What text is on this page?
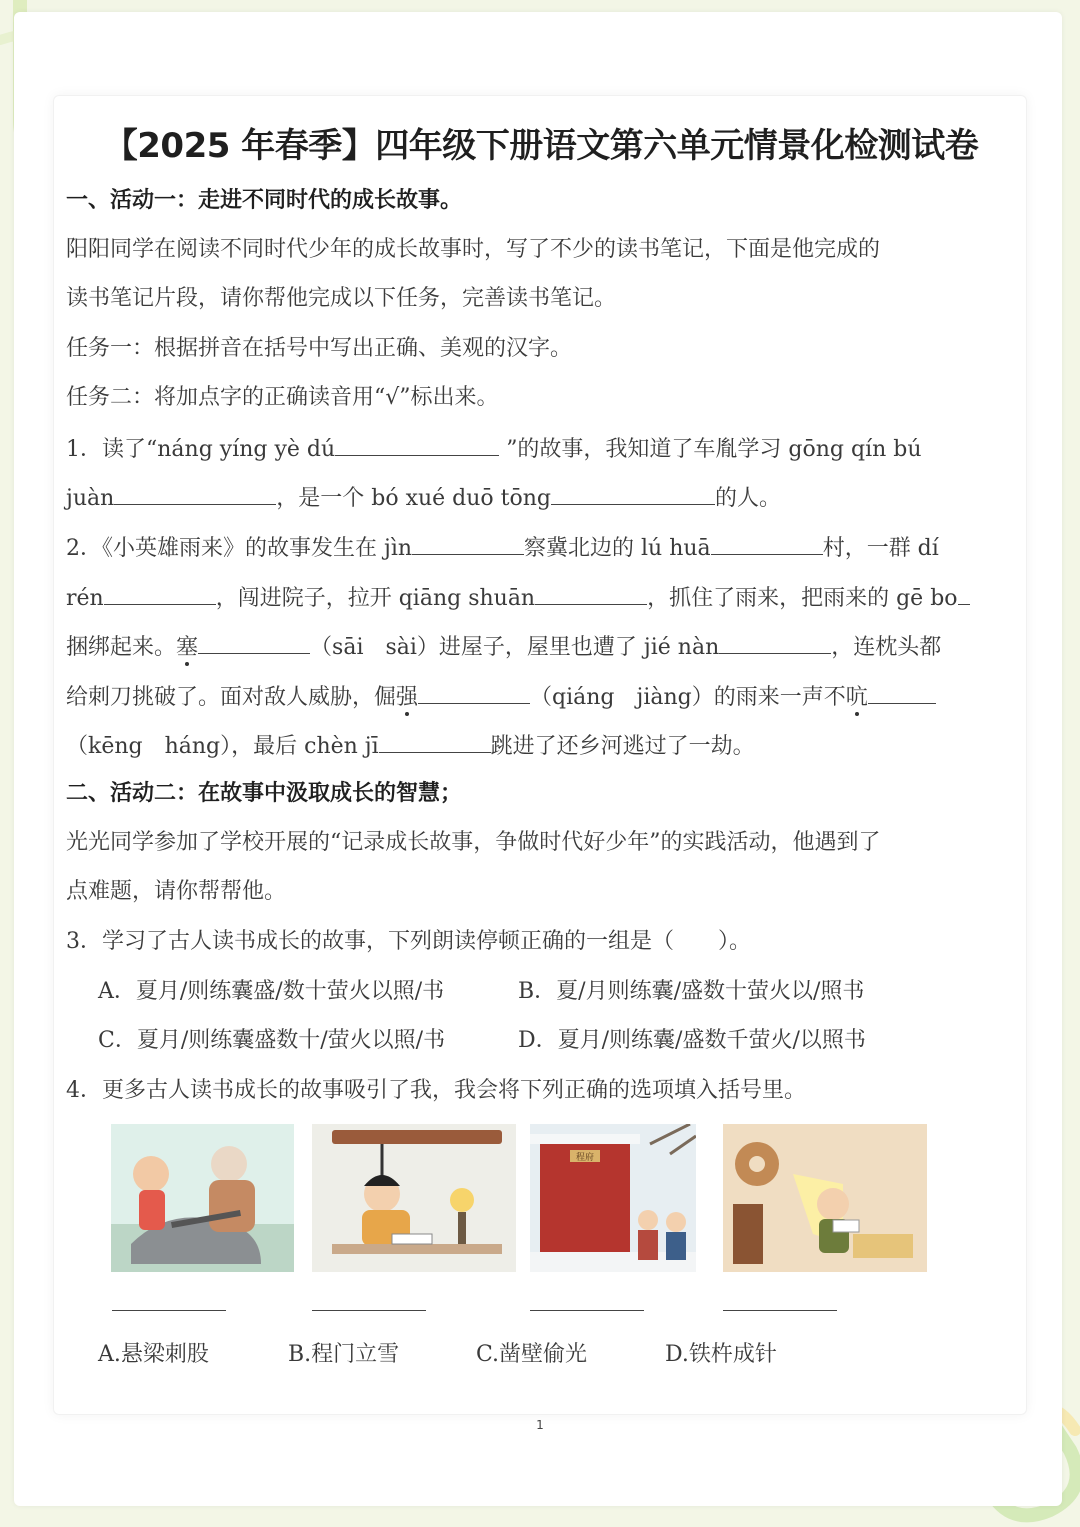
【2025 年春季】四年级下册语文第六单元情景化检测试卷
一、活动一：走进不同时代的成长故事。
阳阳同学在阅读不同时代少年的成长故事时，写了不少的读书笔记，下面是他完成的
读书笔记片段，请你帮他完成以下任务，完善读书笔记。
任务一：根据拼音在括号中写出正确、美观的汉字。
任务二：将加点字的正确读音用“√”标出来。
1．读了“náng yíng yè dú	”的故事，我知道了车胤学习 gōng qín bú
juàn	，是一个 bó xué duō tōng	的人。
2．《小英雄雨来》的故事发生在 jìn	察冀北边的 lú huā	村，一群 dí
rén	，闯进院子，拉开 qiāng shuān	，抓住了雨来，把雨来的 gē bo
捆绑起来。塞	（sāi　sài）进屋子，屋里也遭了 jié nàn	，连枕头都
给刺刀挑破了。面对敌人威胁，倔强	（qiáng　jiàng）的雨来一声不吭
（kēng　háng），最后 chèn jī	跳进了还乡河逃过了一劫。
二、活动二：在故事中汲取成长的智慧；
光光同学参加了学校开展的“记录成长故事，争做时代好少年”的实践活动，他遇到了
点难题，请你帮帮他。
3．学习了古人读书成长的故事，下列朗读停顿正确的一组是（　　）。
A．夏月/则练囊盛/数十萤火以照/书	B．夏/月则练囊/盛数十萤火以/照书
C．夏月/则练囊盛数十/萤火以照/书	D．夏月/则练囊/盛数千萤火/以照书
4．更多古人读书成长的故事吸引了我，我会将下列正确的选项填入括号里。
程府
A.悬梁刺股	B.程门立雪	C.凿壁偷光	D.铁杵成针
1
